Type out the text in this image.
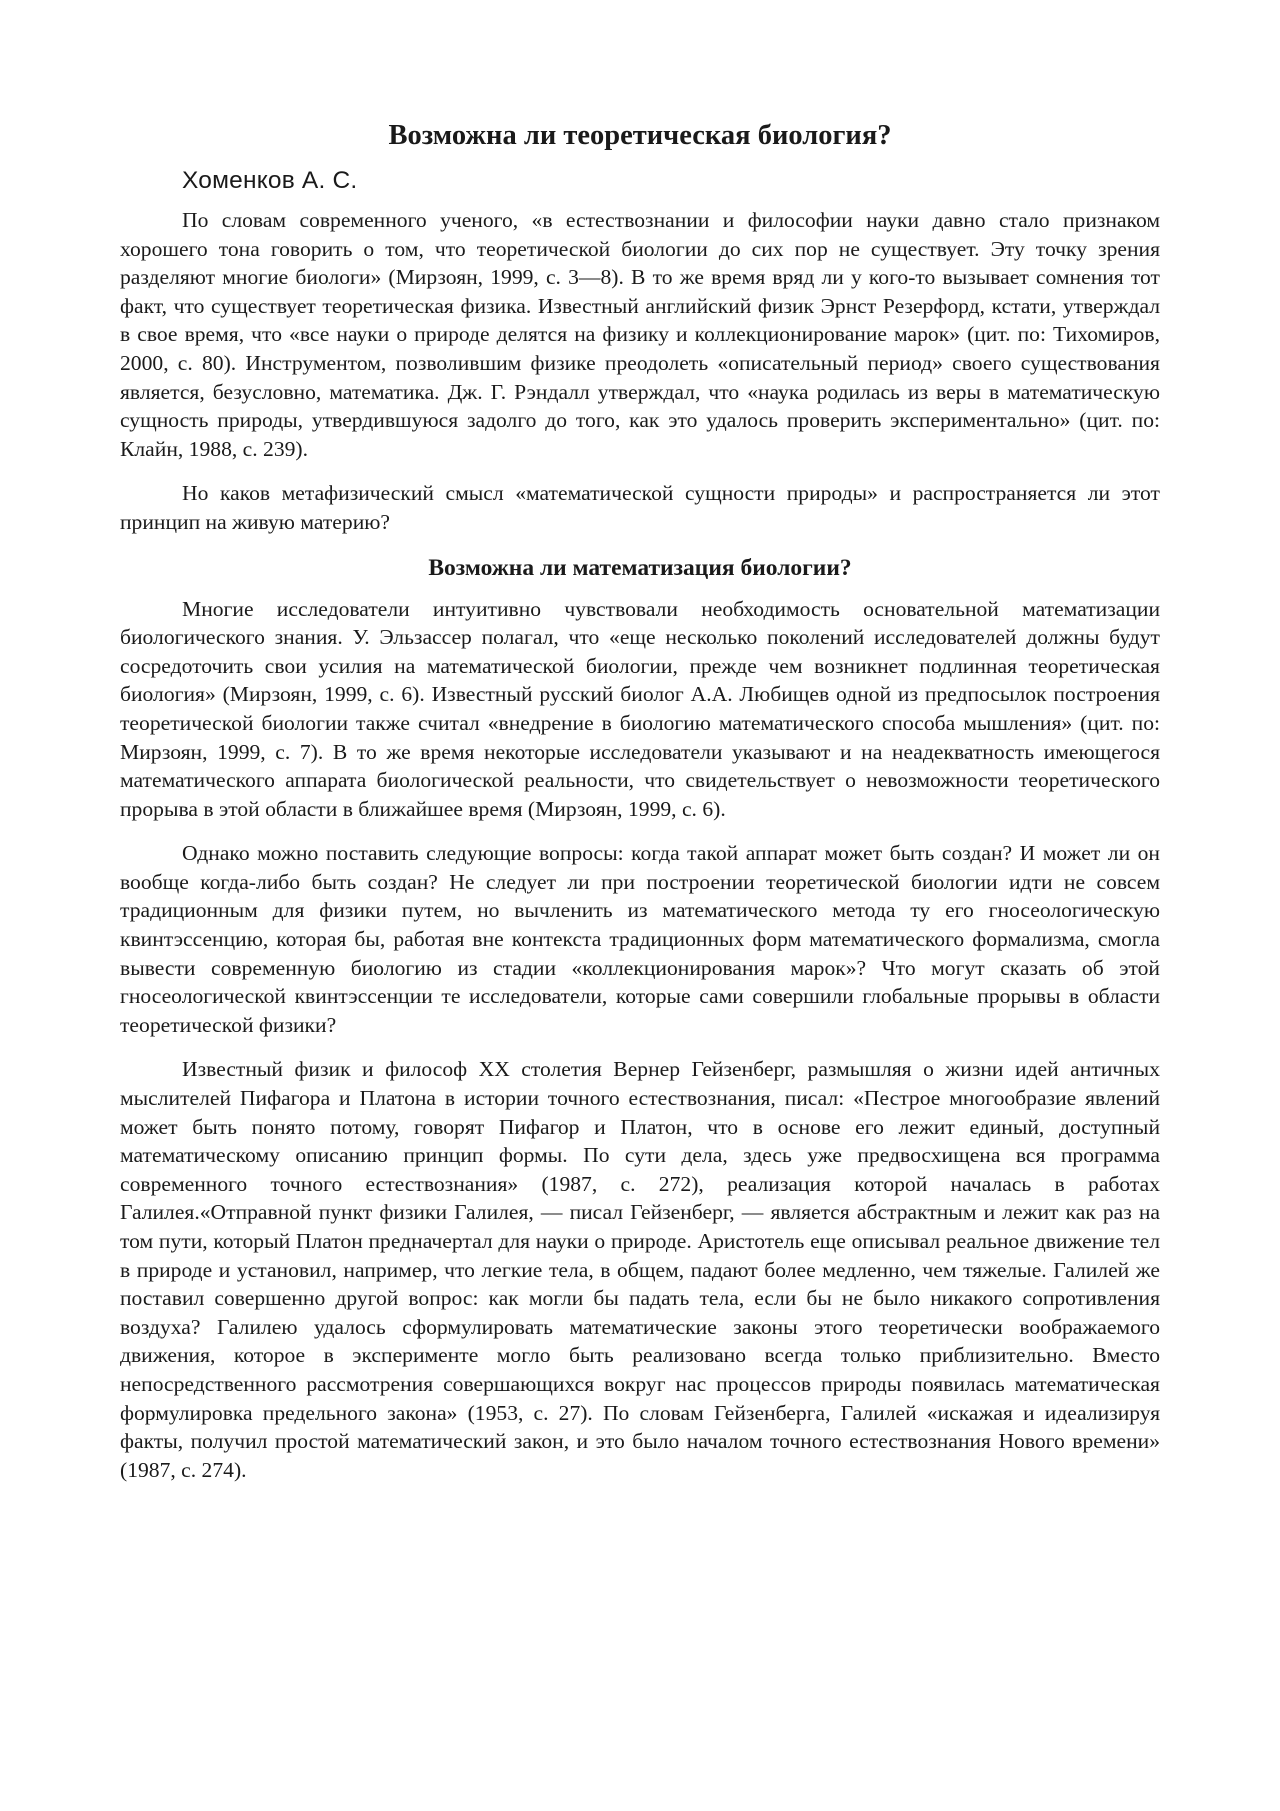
Возможна ли теоретическая биология?
Хоменков А. С.

По словам современного ученого, «в естествознании и философии науки давно стало признаком хорошего тона говорить о том, что теоретической биологии до сих пор не существует. Эту точку зрения разделяют многие биологи» (Мирзоян, 1999, с. 3—8). В то же время вряд ли у кого-то вызывает сомнения тот факт, что существует теоретическая физика. Известный английский физик Эрнст Резерфорд, кстати, утверждал в свое время, что «все науки о природе делятся на физику и коллекционирование марок» (цит. по: Тихомиров, 2000, с. 80). Инструментом, позволившим физике преодолеть «описательный период» своего существования является, безусловно, математика. Дж. Г. Рэндалл утверждал, что «наука родилась из веры в математическую сущность природы, утвердившуюся задолго до того, как это удалось проверить экспериментально» (цит. по: Клайн, 1988, с. 239).

Но каков метафизический смысл «математической сущности природы» и распространяется ли этот принцип на живую материю?

Возможна ли математизация биологии?

Многие исследователи интуитивно чувствовали необходимость основательной математизации биологического знания. У. Эльзассер полагал, что «еще несколько поколений исследователей должны будут сосредоточить свои усилия на математической биологии, прежде чем возникнет подлинная теоретическая биология» (Мирзоян, 1999, с. 6). Известный русский биолог А.А. Любищев одной из предпосылок построения теоретической биологии также считал «внедрение в биологию математического способа мышления» (цит. по: Мирзоян, 1999, с. 7). В то же время некоторые исследователи указывают и на неадекватность имеющегося математического аппарата биологической реальности, что свидетельствует о невозможности теоретического прорыва в этой области в ближайшее время (Мирзоян, 1999, с. 6).

Однако можно поставить следующие вопросы: когда такой аппарат может быть создан? И может ли он вообще когда-либо быть создан? Не следует ли при построении теоретической биологии идти не совсем традиционным для физики путем, но вычленить из математического метода ту его гносеологическую квинтэссенцию, которая бы, работая вне контекста традиционных форм математического формализма, смогла вывести современную биологию из стадии «коллекционирования марок»? Что могут сказать об этой гносеологической квинтэссенции те исследователи, которые сами совершили глобальные прорывы в области теоретической физики?

Известный физик и философ XX столетия Вернер Гейзенберг, размышляя о жизни идей античных мыслителей Пифагора и Платона в истории точного естествознания, писал: «Пестрое многообразие явлений может быть понято потому, говорят Пифагор и Платон, что в основе его лежит единый, доступный математическому описанию принцип формы. По сути дела, здесь уже предвосхищена вся программа современного точного естествознания» (1987, с. 272), реализация которой началась в работах Галилея.«Отправной пункт физики Галилея, — писал Гейзенберг, — является абстрактным и лежит как раз на том пути, который Платон предначертал для науки о природе. Аристотель еще описывал реальное движение тел в природе и установил, например, что легкие тела, в общем, падают более медленно, чем тяжелые. Галилей же поставил совершенно другой вопрос: как могли бы падать тела, если бы не было никакого сопротивления воздуха? Галилею удалось сформулировать математические законы этого теоретически воображаемого движения, которое в эксперименте могло быть реализовано всегда только приблизительно. Вместо непосредственного рассмотрения совершающихся вокруг нас процессов природы появилась математическая формулировка предельного закона» (1953, с. 27). По словам Гейзенберга, Галилей «искажая и идеализируя факты, получил простой математический закон, и это было началом точного естествознания Нового времени» (1987, с. 274).
